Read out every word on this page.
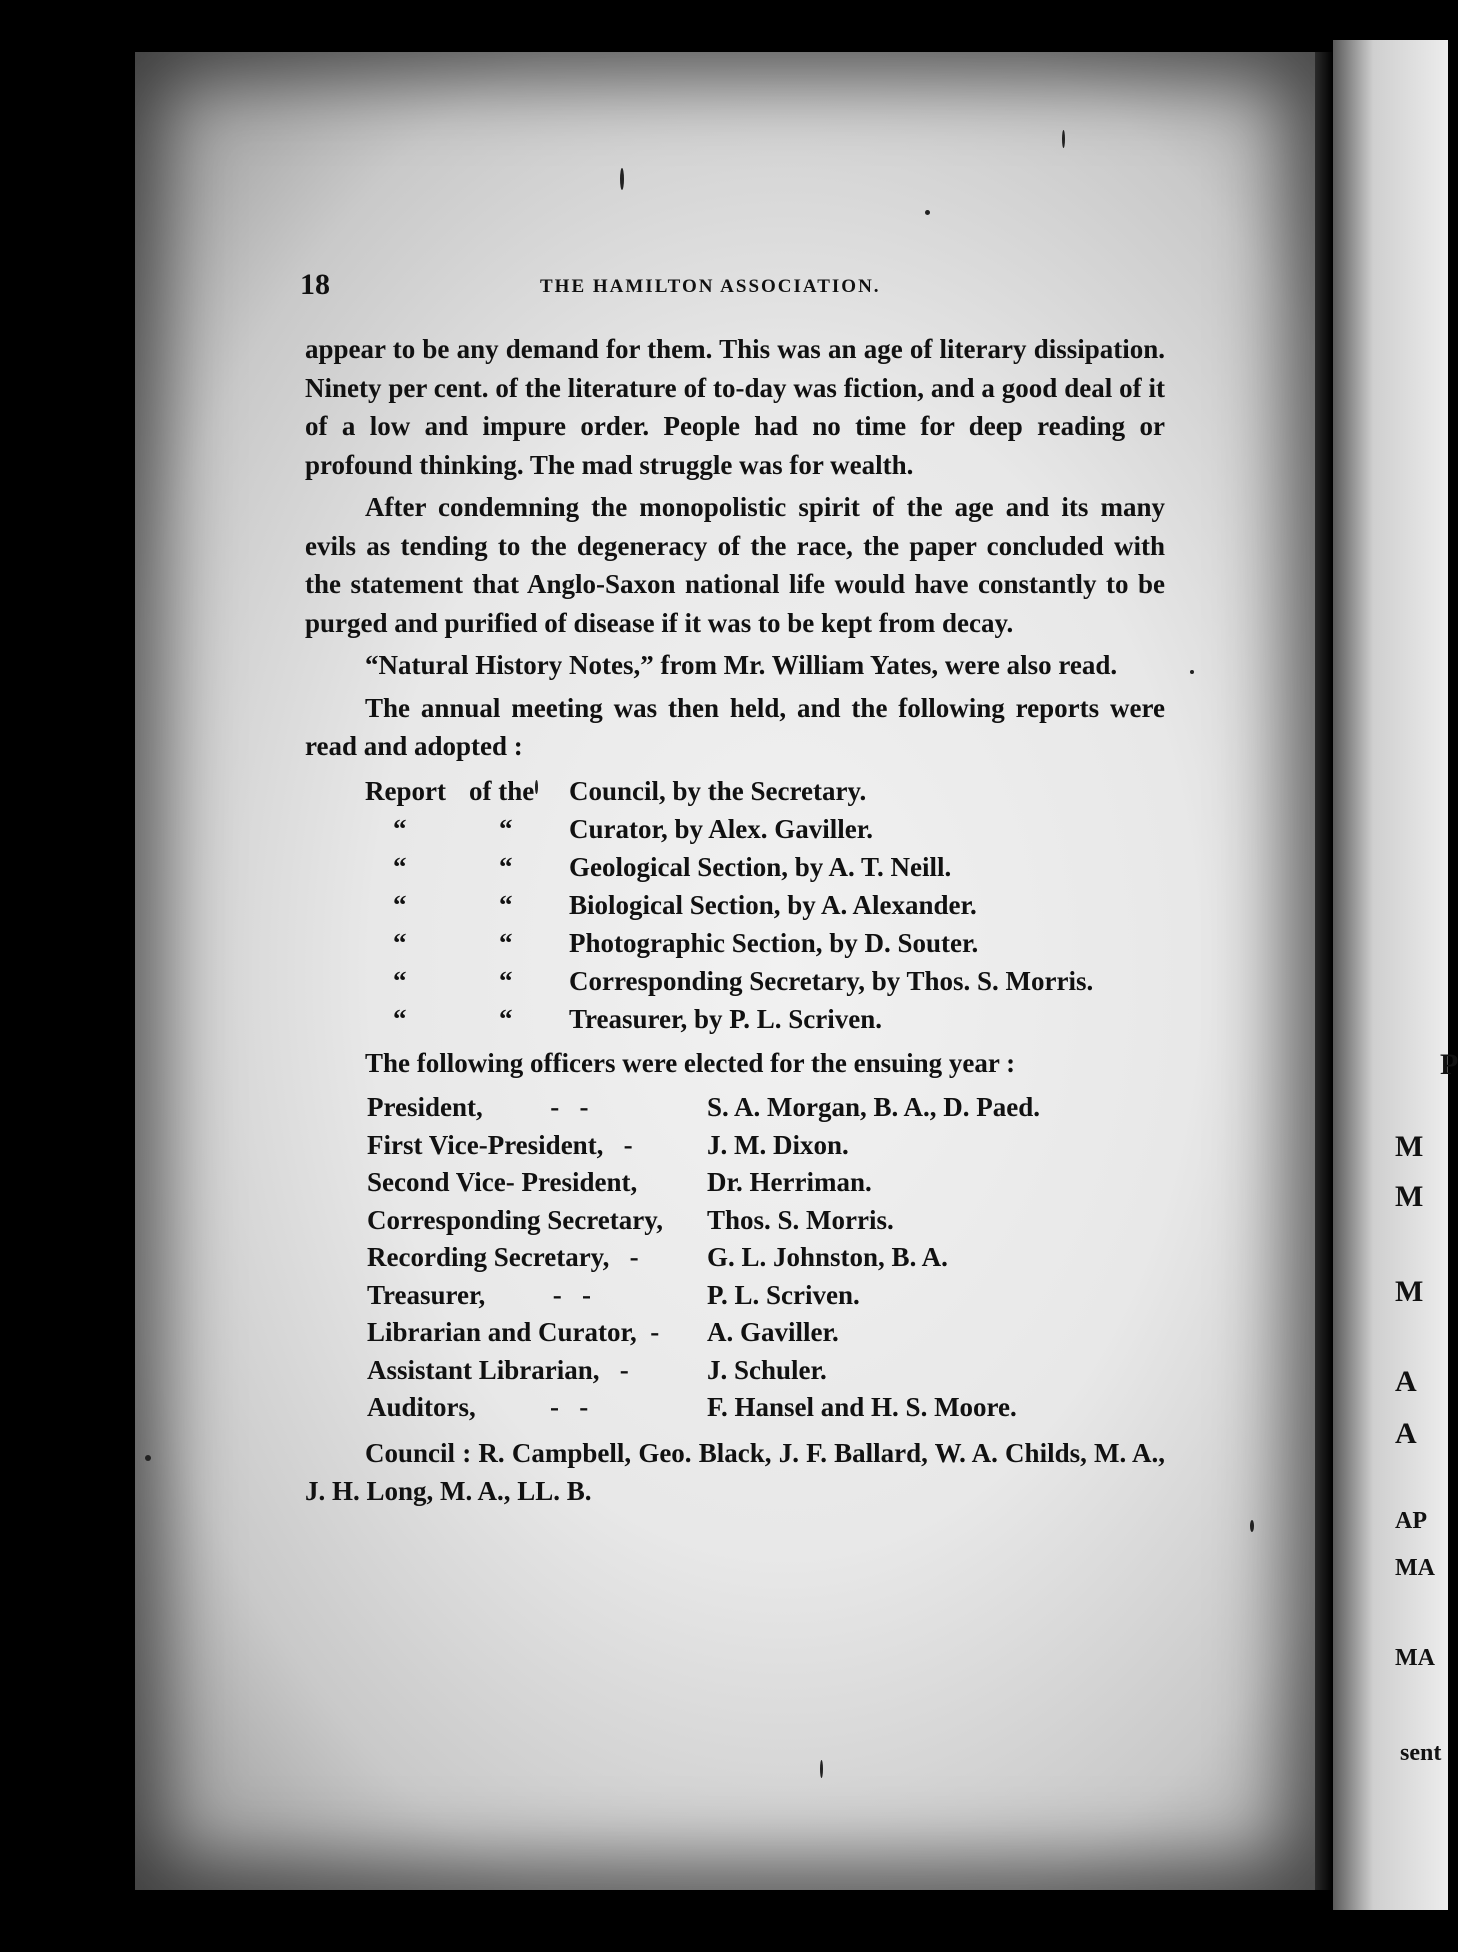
P
M
M
M
A
A
AP
MA
MA
sent
18	THE HAMILTON ASSOCIATION.

appear to be any demand for them. This was an age of literary dissipation. Ninety per cent. of the literature of to-day was fiction, and a good deal of it of a low and impure order. People had no time for deep reading or profound thinking. The mad struggle was for wealth.

After condemning the monopolistic spirit of the age and its many evils as tending to the degeneracy of the race, the paper concluded with the statement that Anglo-Saxon national life would have constantly to be purged and purified of disease if it was to be kept from decay.

“Natural History Notes,” from Mr. William Yates, were also read.

The annual meeting was then held, and the following reports were read and adopted :

Report of the	Council, by the Secretary.
“	“	Curator, by Alex. Gaviller.
“	“	Geological Section, by A. T. Neill.
“	“	Biological Section, by A. Alexander.
“	“	Photographic Section, by D. Souter.
“	“	Corresponding Secretary, by Thos. S. Morris.
“	“	Treasurer, by P. L. Scriven.

The following officers were elected for the ensuing year :

President,          -   -	S. A. Morgan, B. A., D. Paed.
First Vice-President,   -	J. M. Dixon.
Second Vice- President,	Dr. Herriman.
Corresponding Secretary,	Thos. S. Morris.
Recording Secretary,   -	G. L. Johnston, B. A.
Treasurer,          -   -	P. L. Scriven.
Librarian and Curator,  -	A. Gaviller.
Assistant Librarian,   -	J. Schuler.
Auditors,           -   -	F. Hansel and H. S. Moore.

Council : R. Campbell, Geo. Black, J. F. Ballard, W. A. Childs, M. A., J. H. Long, M. A., LL. B.
